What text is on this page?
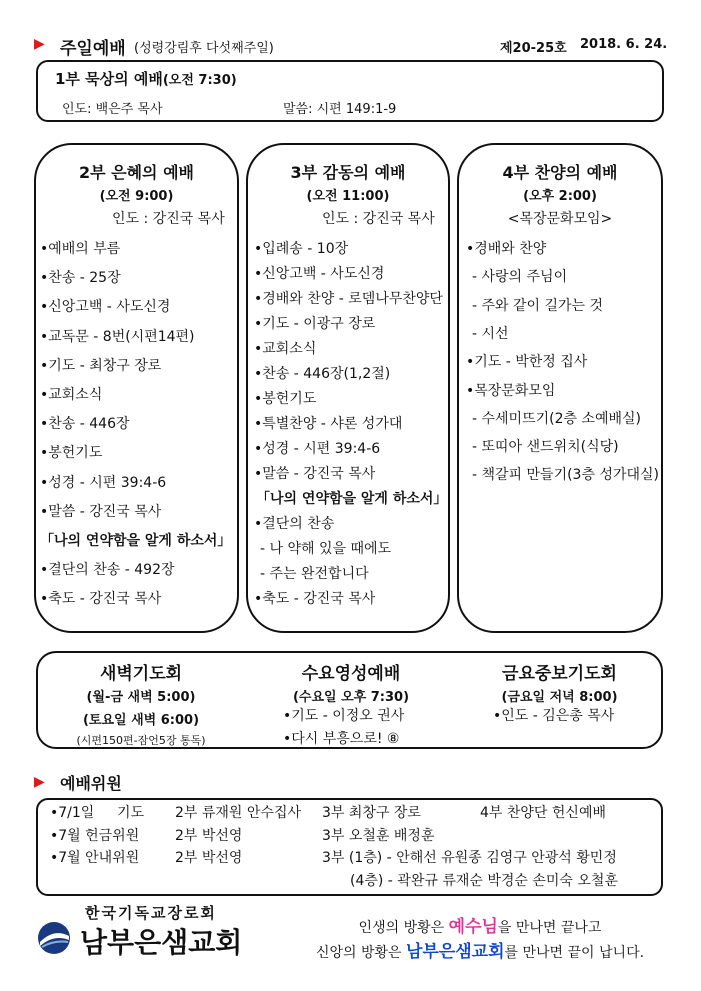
▶ 주일예배 (성령강림후 다섯째주일)	제20-25호 2018. 6. 24.
1부 묵상의 예배(오전 7:30)
인도: 백은주 목사	말씀: 시편 149:1-9
2부 은혜의 예배
(오전 9:00)
인도 : 강진국 목사
•예배의 부름
•찬송 - 25장
•신앙고백 - 사도신경
•교독문 - 8번(시편14편)
•기도 - 최창구 장로
•교회소식
•찬송 - 446장
•봉헌기도
•성경 - 시편 39:4-6
•말씀 - 강진국 목사
「나의 연약함을 알게 하소서」
•결단의 찬송 - 492장
•축도 - 강진국 목사
3부 감동의 예배
(오전 11:00)
인도 : 강진국 목사
•입례송 - 10장
•신앙고백 - 사도신경
•경배와 찬양 - 로뎀나무찬양단
•기도 - 이광구 장로
•교회소식
•찬송 - 446장(1,2절)
•봉헌기도
•특별찬양 - 샤론 성가대
•성경 - 시편 39:4-6
•말씀 - 강진국 목사
「나의 연약함을 알게 하소서」
•결단의 찬송
- 나 약해 있을 때에도
- 주는 완전합니다
•축도 - 강진국 목사
4부 찬양의 예배
(오후 2:00)
<목장문화모임>
•경배와 찬양
- 사랑의 주님이
- 주와 같이 길가는 것
- 시선
•기도 - 박한정 집사
•목장문화모임
- 수세미뜨기(2층 소예배실)
- 또띠아 샌드위치(식당)
- 책갈피 만들기(3층 성가대실)
새벽기도회
(월-금 새벽 5:00)
(토요일 새벽 6:00)
(시편150편-잠언5장 통독)
수요영성예배
(수요일 오후 7:30)
•기도 - 이정오 권사
•다시 부흥으로! ⑧
금요중보기도회
(금요일 저녁 8:00)
•인도 - 김은총 목사
▶ 예배위원
•7/1일 기도 2부 류재원 안수집사 3부 최창구 장로	4부 찬양단 헌신예배
•7월 헌금위원	2부 박선영	3부 오철훈 배정훈
•7월 안내위원	2부 박선영	3부 (1층) - 안해선 유원종 김영구 안광석 황민정
(4층) - 곽완규 류재순 박경순 손미숙 오철훈
한국기독교장로회
남부은샘교회	인생의 방황은 예수님을 만나면 끝나고
신앙의 방황은 남부은샘교회를 만나면 끝이 납니다.
